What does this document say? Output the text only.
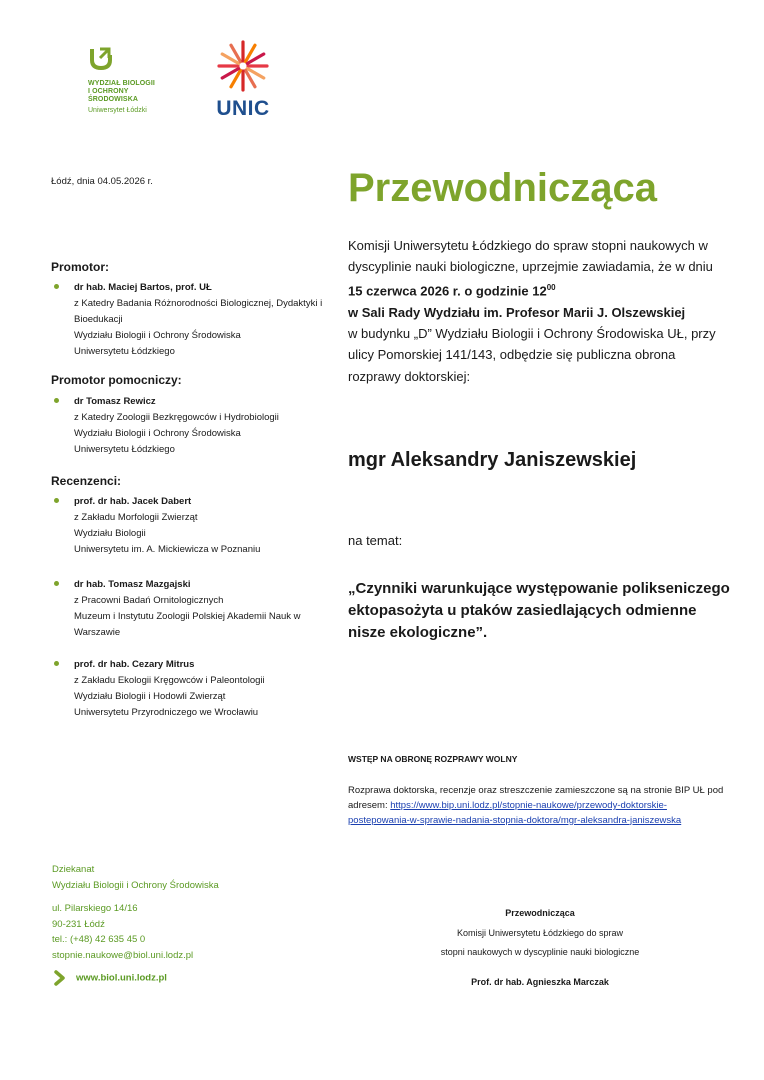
WYDZIAŁ BIOLOGII
I OCHRONY
ŚRODOWISKA
Uniwersytet Łódzki	UNIC
Łódź, dnia 04.05.2026 r.	Przewodnicząca
Komisji Uniwersytetu Łódzkiego do spraw stopni naukowych w dyscyplinie nauki biologiczne, uprzejmie zawiadamia, że w dniu 15 czerwca 2026 r. o godzinie $12^{00}$
w Sali Rady Wydziału im. Profesor Marii J. Olszewskiej
w budynku „D” Wydziału Biologii i Ochrony Środowiska UŁ, przy ulicy Pomorskiej 141/143, odbędzie się publiczna obrona rozprawy doktorskiej:
Promotor:
dr hab. Maciej Bartos, prof. UŁ
z Katedry Badania Różnorodności Biologicznej, Dydaktyki i Bioedukacji
Wydziału Biologii i Ochrony Środowiska
Uniwersytetu Łódzkiego
Promotor pomocniczy:
dr Tomasz Rewicz
z Katedry Zoologii Bezkręgowców i Hydrobiologii
Wydziału Biologii i Ochrony Środowiska
Uniwersytetu Łódzkiego
Recenzenci:
prof. dr hab. Jacek Dabert
z Zakładu Morfologii Zwierząt
Wydziału Biologii
Uniwersytetu im. A. Mickiewicza w Poznaniu
dr hab. Tomasz Mazgajski
z Pracowni Badań Ornitologicznych
Muzeum i Instytutu Zoologii Polskiej Akademii Nauk w Warszawie
prof. dr hab. Cezary Mitrus
z Zakładu Ekologii Kręgowców i Paleontologii
Wydziału Biologii i Hodowli Zwierząt
Uniwersytetu Przyrodniczego we Wrocławiu
mgr Aleksandry Janiszewskiej
na temat:
„Czynniki warunkujące występowanie polikseniczego ektopasożyta u ptaków zasiedlających odmienne nisze ekologiczne”.
WSTĘP NA OBRONĘ ROZPRAWY WOLNY
Rozprawa doktorska, recenzje oraz streszczenie zamieszczone są na stronie BIP UŁ pod adresem: https://www.bip.uni.lodz.pl/stopnie-naukowe/przewody-doktorskie-postepowania-w-sprawie-nadania-stopnia-doktora/mgr-aleksandra-janiszewska
Dziekanat
Wydziału Biologii i Ochrony Środowiska
ul. Pilarskiego 14/16
90-231 Łódź
tel.: (+48) 42 635 45 0
stopnie.naukowe@biol.uni.lodz.pl
www.biol.uni.lodz.pl
Przewodnicząca
Komisji Uniwersytetu Łódzkiego do spraw
stopni naukowych w dyscyplinie nauki biologiczne
Prof. dr hab. Agnieszka Marczak
